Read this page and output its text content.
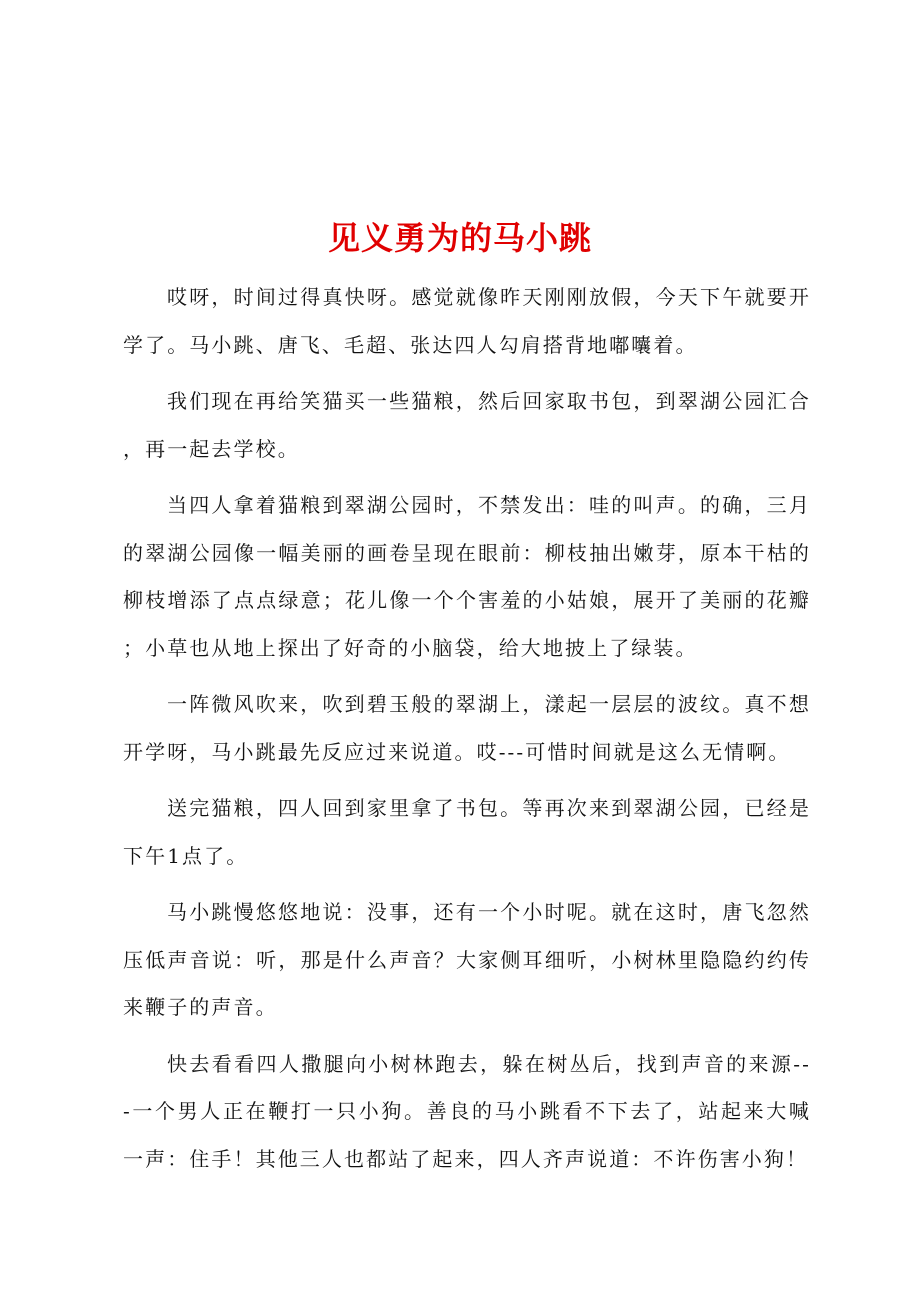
见义勇为的马小跳

哎呀，时间过得真快呀。感觉就像昨天刚刚放假，今天下午就要开学了。马小跳、唐飞、毛超、张达四人勾肩搭背地嘟囔着。

我们现在再给笑猫买一些猫粮，然后回家取书包，到翠湖公园汇合，再一起去学校。

当四人拿着猫粮到翠湖公园时，不禁发出：哇的叫声。的确，三月的翠湖公园像一幅美丽的画卷呈现在眼前：柳枝抽出嫩芽，原本干枯的柳枝增添了点点绿意；花儿像一个个害羞的小姑娘，展开了美丽的花瓣；小草也从地上探出了好奇的小脑袋，给大地披上了绿装。

一阵微风吹来，吹到碧玉般的翠湖上，漾起一层层的波纹。真不想开学呀，马小跳最先反应过来说道。哎---可惜时间就是这么无情啊。

送完猫粮，四人回到家里拿了书包。等再次来到翠湖公园，已经是下午1点了。

马小跳慢悠悠地说：没事，还有一个小时呢。就在这时，唐飞忽然压低声音说：听，那是什么声音？大家侧耳细听，小树林里隐隐约约传来鞭子的声音。

快去看看四人撒腿向小树林跑去，躲在树丛后，找到声音的来源---一个男人正在鞭打一只小狗。善良的马小跳看不下去了，站起来大喊一声：住手！其他三人也都站了起来，四人齐声说道：不许伤害小狗！
